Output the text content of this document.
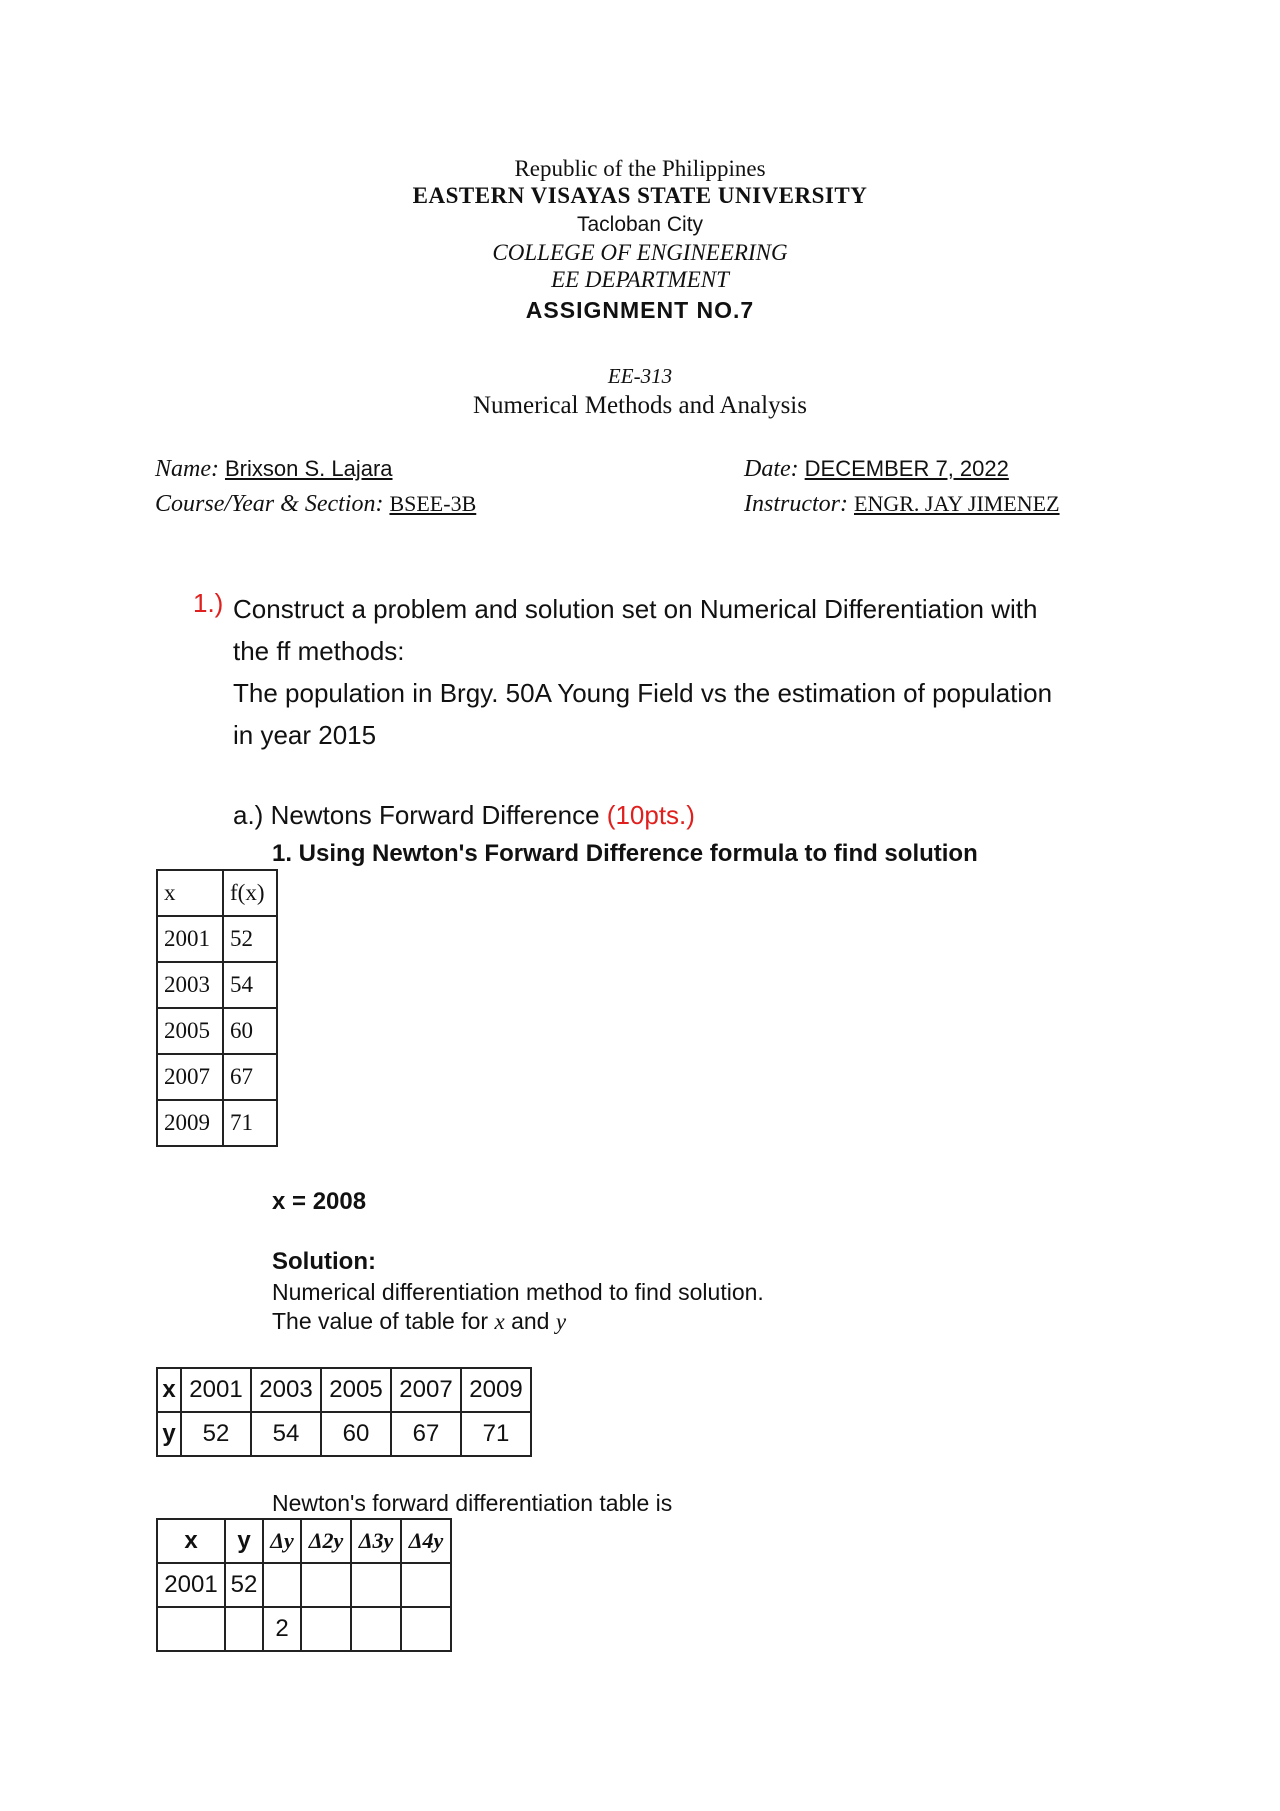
Republic of the Philippines
EASTERN VISAYAS STATE UNIVERSITY
Tacloban City
COLLEGE OF ENGINEERING
EE DEPARTMENT
ASSIGNMENT NO.7
EE-313
Numerical Methods and Analysis
Name: Brixson S. Lajara	Date: DECEMBER 7, 2022
Course/Year & Section: BSEE-3B	Instructor: ENGR. JAY JIMENEZ
1.) Construct a problem and solution set on Numerical Differentiation with
the ff methods:
The population in Brgy. 50A Young Field vs the estimation of population
in year 2015
a.) Newtons Forward Difference (10pts.)
1. Using Newton's Forward Difference formula to find solution
x	f(x)
2001	52
2003	54
2005	60
2007	67
2009	71
x = 2008
Solution:
Numerical differentiation method to find solution.
The value of table for x and y
x	2001	2003	2005	2007	2009
y	52	54	60	67	71
Newton's forward differentiation table is
x	y	Δy	Δ2y	Δ3y	Δ4y
2001	52				
		2			
